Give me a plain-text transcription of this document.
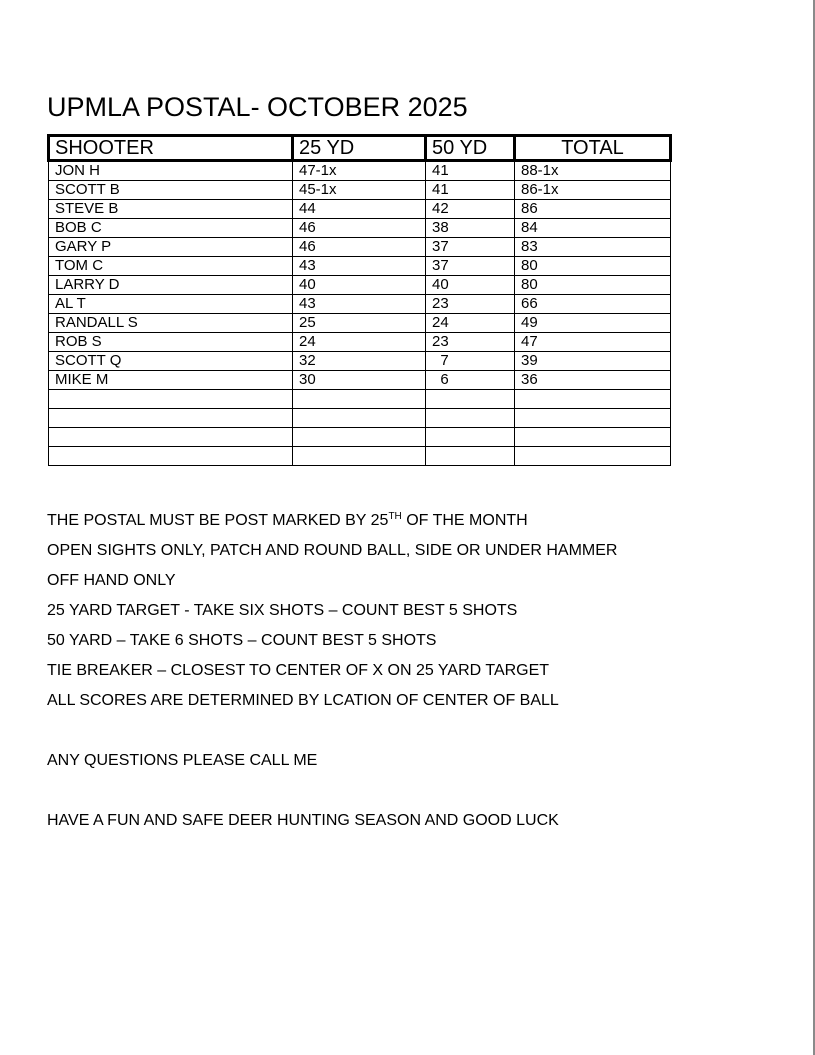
UPMLA POSTAL- OCTOBER 2025
SHOOTER	25 YD	50 YD	TOTAL
JON H	47-1x	41	88-1x
SCOTT B	45-1x	41	86-1x
STEVE B	44	42	86
BOB C	46	38	84
GARY P	46	37	83
TOM C	43	37	80
LARRY D	40	40	80
AL T	43	23	66
RANDALL S	25	24	49
ROB S	24	23	47
SCOTT Q	32	7	39
MIKE M	30	6	36

THE POSTAL MUST BE POST MARKED BY 25TH OF THE MONTH

OPEN SIGHTS ONLY, PATCH AND ROUND BALL, SIDE OR UNDER HAMMER

OFF HAND ONLY

25 YARD TARGET - TAKE SIX SHOTS – COUNT BEST 5 SHOTS

50 YARD – TAKE 6 SHOTS – COUNT BEST 5 SHOTS

TIE BREAKER – CLOSEST TO CENTER OF X ON 25 YARD TARGET

ALL SCORES ARE DETERMINED BY LCATION OF CENTER OF BALL

ANY QUESTIONS PLEASE CALL ME

HAVE A FUN AND SAFE DEER HUNTING SEASON AND GOOD LUCK
